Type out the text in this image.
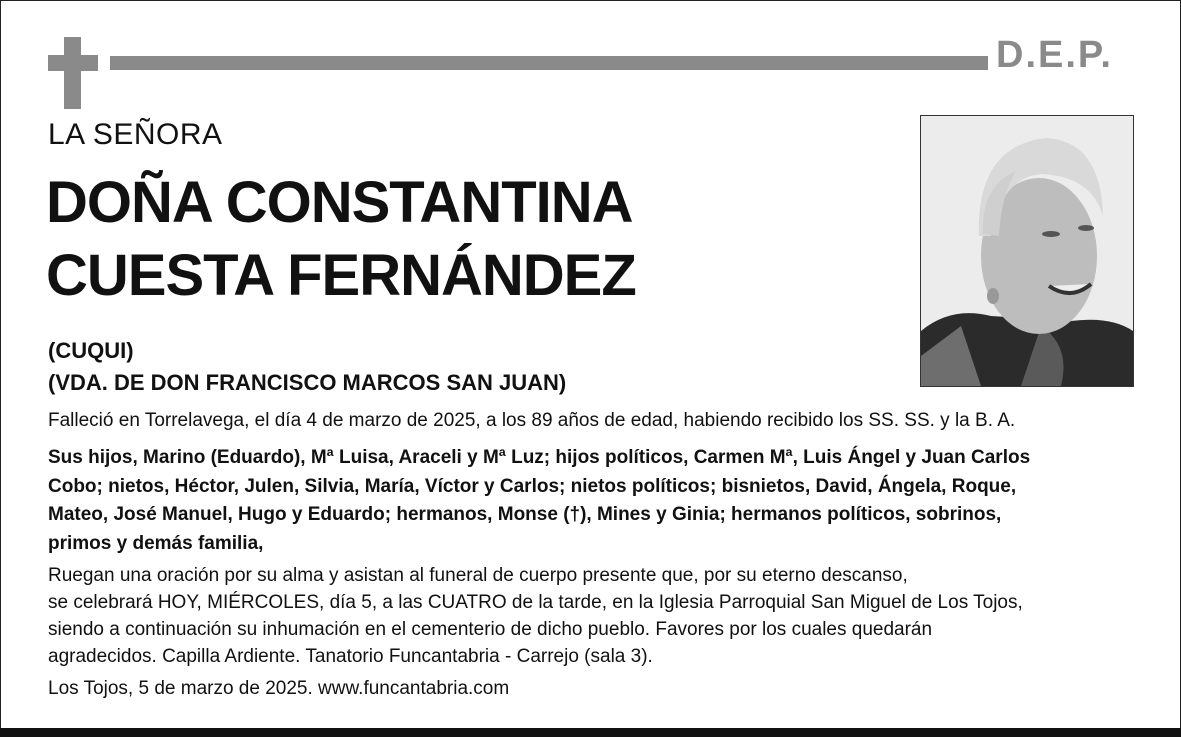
D.E.P.
LA SEÑORA
DOÑA CONSTANTINA
CUESTA FERNÁNDEZ
(CUQUI)
(VDA. DE DON FRANCISCO MARCOS SAN JUAN)
Falleció en Torrelavega, el día 4 de marzo de 2025, a los 89 años de edad, habiendo recibido los SS. SS. y la B. A.
Sus hijos, Marino (Eduardo), Mª Luisa, Araceli y Mª Luz; hijos políticos, Carmen Mª, Luis Ángel y Juan Carlos
Cobo; nietos, Héctor, Julen, Silvia, María, Víctor y Carlos; nietos políticos; bisnietos, David, Ángela, Roque,
Mateo, José Manuel, Hugo y Eduardo; hermanos, Monse (†), Mines y Ginia; hermanos políticos, sobrinos,
primos y demás familia,
Ruegan una oración por su alma y asistan al funeral de cuerpo presente que, por su eterno descanso,
se celebrará HOY, MIÉRCOLES, día 5, a las CUATRO de la tarde, en la Iglesia Parroquial San Miguel de Los Tojos,
siendo a continuación su inhumación en el cementerio de dicho pueblo. Favores por los cuales quedarán
agradecidos. Capilla Ardiente. Tanatorio Funcantabria - Carrejo (sala 3).
Los Tojos, 5 de marzo de 2025. www.funcantabria.com
